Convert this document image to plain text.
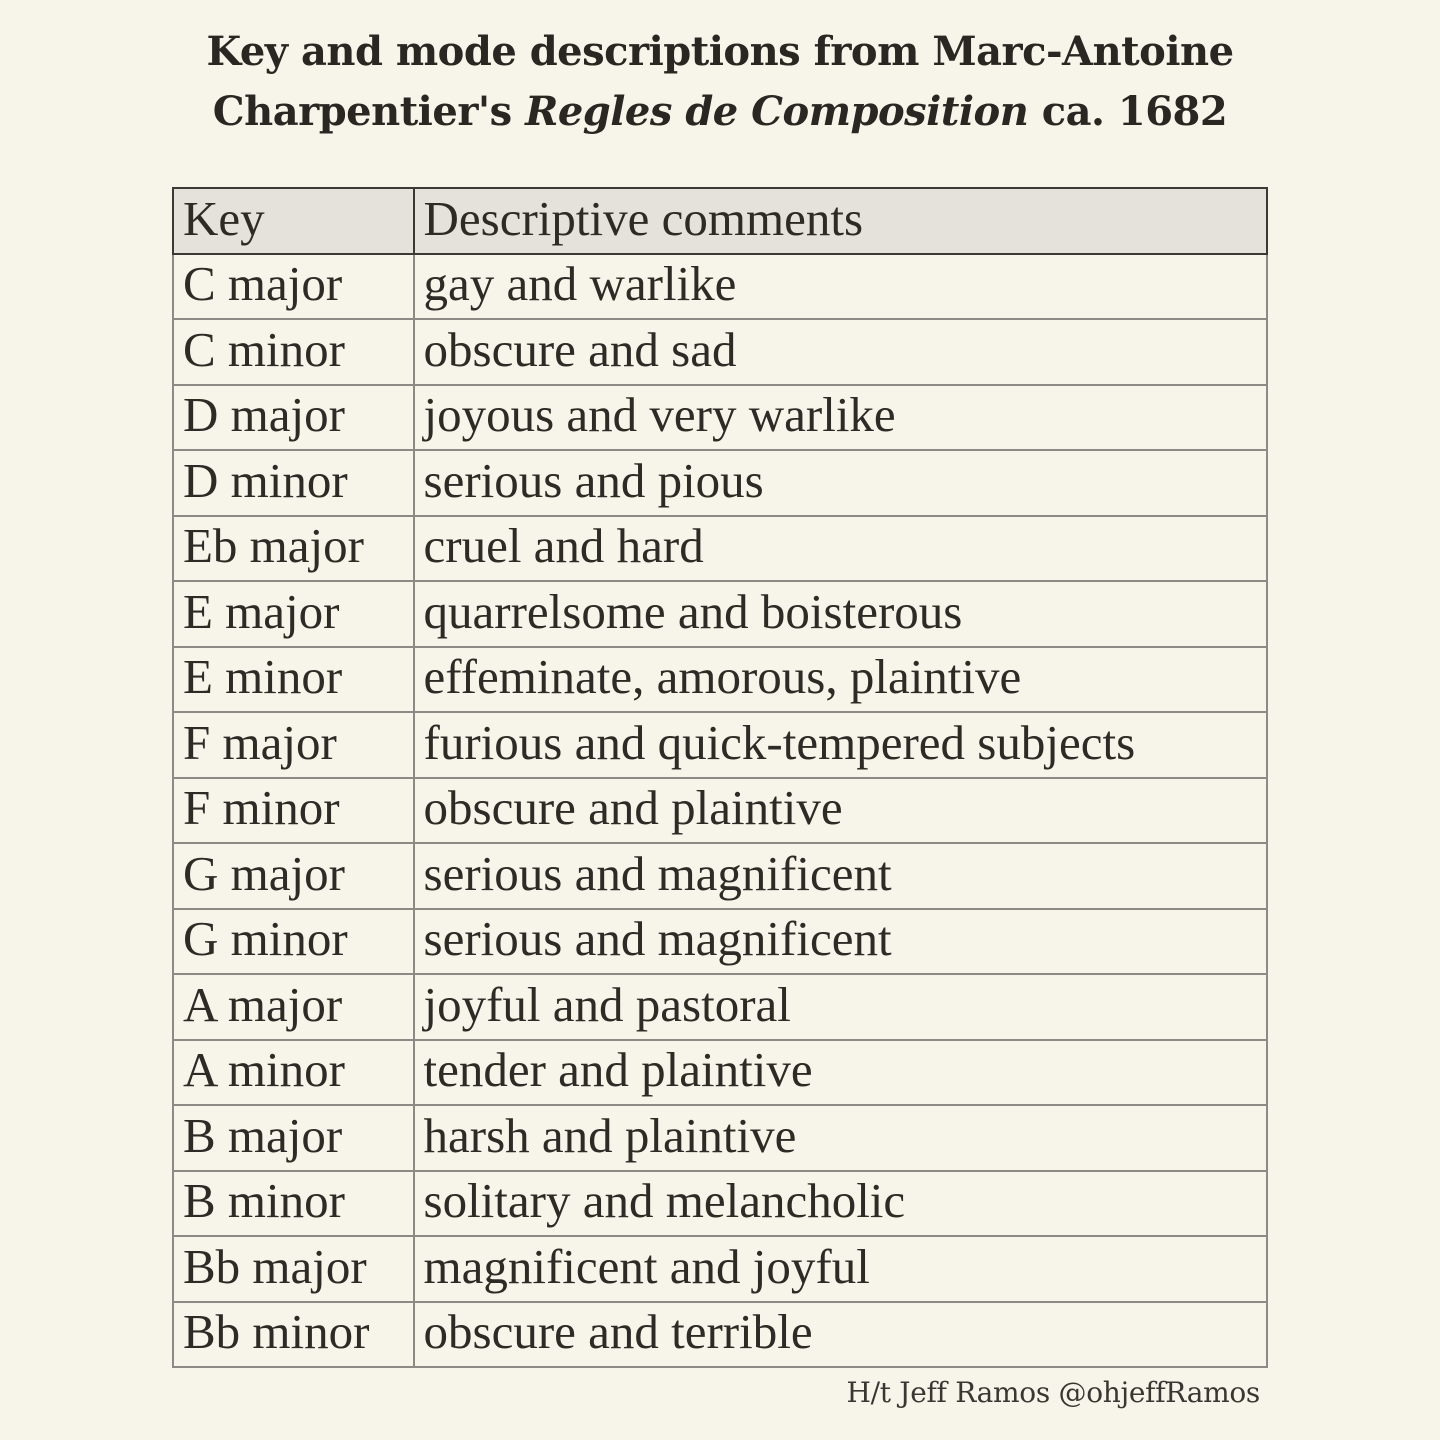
Key and mode descriptions from Marc-Antoine
Charpentier's Regles de Composition ca. 1682
Key	Descriptive comments
C major	gay and warlike
C minor	obscure and sad
D major	joyous and very warlike
D minor	serious and pious
Eb major	cruel and hard
E major	quarrelsome and boisterous
E minor	effeminate, amorous, plaintive
F major	furious and quick-tempered subjects
F minor	obscure and plaintive
G major	serious and magnificent
G minor	serious and magnificent
A major	joyful and pastoral
A minor	tender and plaintive
B major	harsh and plaintive
B minor	solitary and melancholic
Bb major	magnificent and joyful
Bb minor	obscure and terrible
H/t Jeff Ramos @ohjeffRamos
